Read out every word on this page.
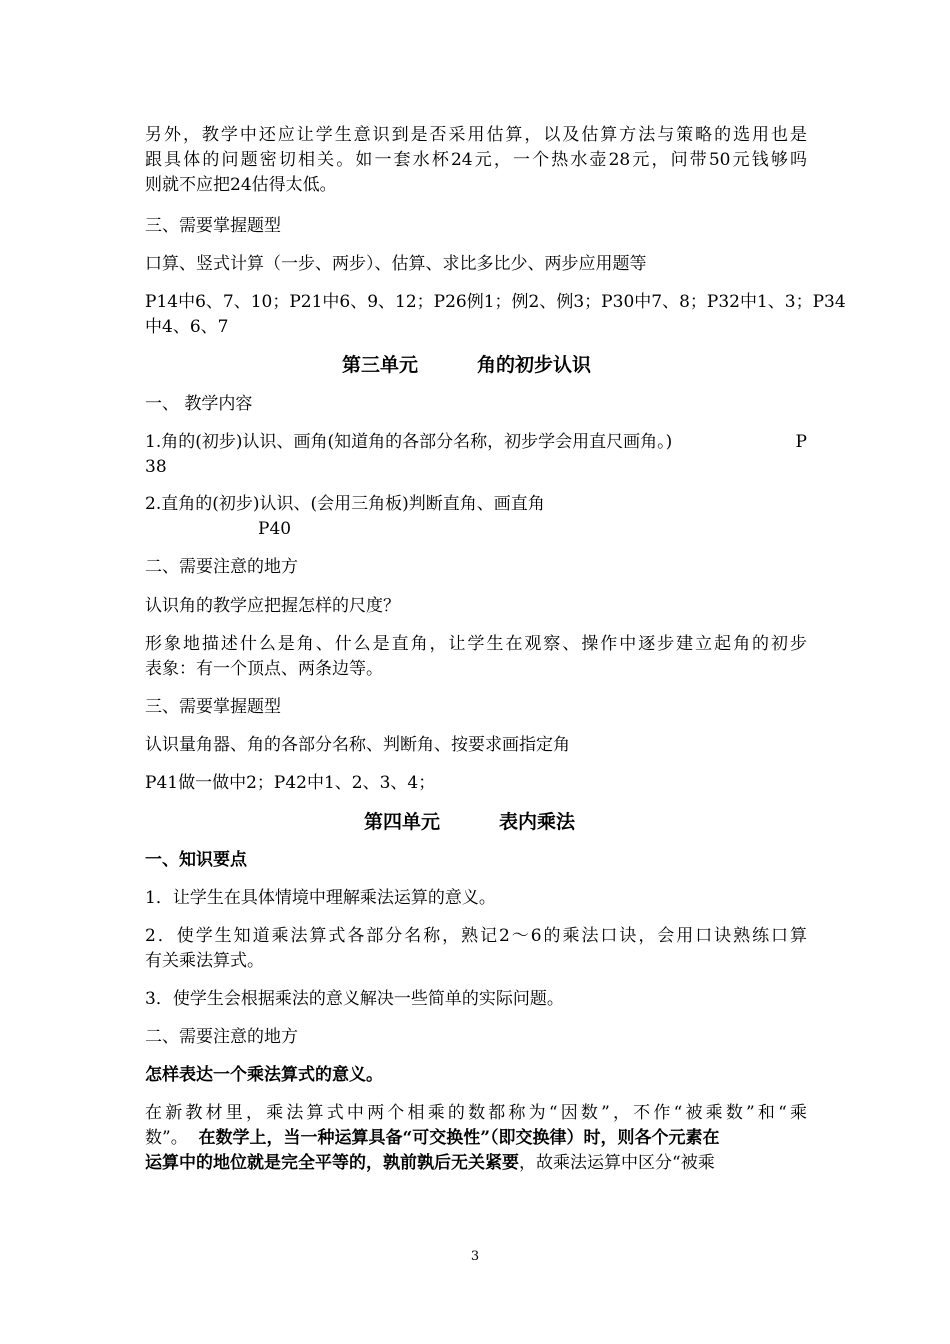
另外，教学中还应让学生意识到是否采用估算，以及估算方法与策略的选用也是
跟具体的问题密切相关。如一套水杯24元，一个热水壶28元，问带50元钱够吗
则就不应把24估得太低。
三、需要掌握题型
口算、竖式计算（一步、两步）、估算、求比多比少、两步应用题等
P14中6、7、10；P21中6、9、12；P26例1；例2、例3；P30中7、8；P32中1、3；P34
中4、6、7
第三单元	角的初步认识
一、 教学内容
1.角的(初步)认识、画角(知道角的各部分名称，初步学会用直尺画角。)	P
38
2.直角的(初步)认识、(会用三角板)判断直角、画直角
P40
二、需要注意的地方
认识角的教学应把握怎样的尺度？
形象地描述什么是角、什么是直角，让学生在观察、操作中逐步建立起角的初步
表象：有一个顶点、两条边等。
三、需要掌握题型
认识量角器、角的各部分名称、判断角、按要求画指定角
P41做一做中2；P42中1、2、3、4；
第四单元	表内乘法
一、知识要点
1．让学生在具体情境中理解乘法运算的意义。
2．使学生知道乘法算式各部分名称，熟记2～6的乘法口诀，会用口诀熟练口算
有关乘法算式。
3．使学生会根据乘法的意义解决一些简单的实际问题。
二、需要注意的地方
怎样表达一个乘法算式的意义。
在新教材里，乘法算式中两个相乘的数都称为“因数”，不作“被乘数”和“乘
数”。  在数学上，当一种运算具备“可交换性”（即交换律）时，则各个元素在
运算中的地位就是完全平等的，孰前孰后无关紧要，故乘法运算中区分“被乘
3
